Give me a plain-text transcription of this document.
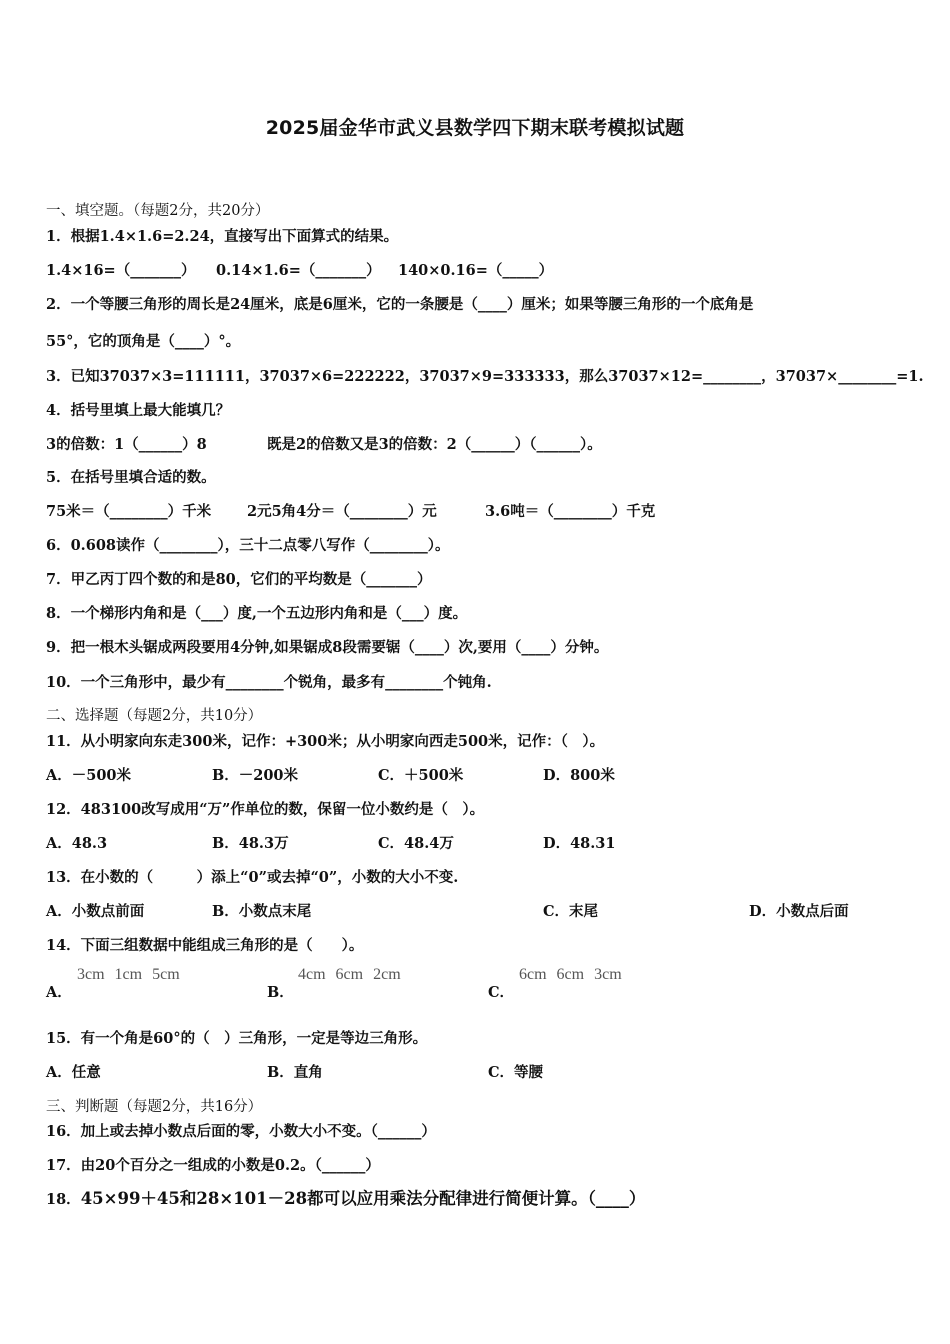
2025届金华市武义县数学四下期末联考模拟试题
一、填空题。（每题2分，共20分）
1．根据1.4×1.6=2.24，直接写出下面算式的结果。
1.4×16=（_______） 0.14×1.6=（_______） 140×0.16=（_____）
2．一个等腰三角形的周长是24厘米，底是6厘米，它的一条腰是（____）厘米；如果等腰三角形的一个底角是
55°，它的顶角是（____）°。
3．已知37037×3=111111，37037×6=222222，37037×9=333333，那么37037×12=________，37037×________=1.
4．括号里填上最大能填几？
3的倍数：1（______）8	既是2的倍数又是3的倍数：2（______）（______）。
5．在括号里填合适的数。
75米＝（________）千米 2元5角4分＝（________）元	3.6吨＝（________）千克
6．0.608读作（________），三十二点零八写作（________）。
7．甲乙丙丁四个数的和是80，它们的平均数是（_______）
8．一个梯形内角和是（___）度,一个五边形内角和是（___）度。
9．把一根木头锯成两段要用4分钟,如果锯成8段需要锯（____）次,要用（____）分钟。
10．一个三角形中，最少有________个锐角，最多有________个钝角.
二、选择题（每题2分，共10分）
11．从小明家向东走300米，记作：+300米；从小明家向西走500米，记作：（　）。
A．－500米	B．－200米	C．＋500米	D．800米
12．483100改写成用“万”作单位的数，保留一位小数约是（　）。
A．48.3	B．48.3万	C．48.4万	D．48.31
13．在小数的（　　　）添上“0”或去掉“0”，小数的大小不变.
A．小数点前面	B．小数点末尾	C．末尾	D．小数点后面
14．下面三组数据中能组成三角形的是（　　）。
A．
3cm 1cm 5cm
B．
4cm 6cm 2cm
C．
6cm 6cm 3cm
15．有一个角是60°的（　）三角形，一定是等边三角形。
A．任意	B．直角	C．等腰
三、判断题（每题2分，共16分）
16．加上或去掉小数点后面的零，小数大小不变。（______）
17．由20个百分之一组成的小数是0.2。（______）
18．45×99＋45和28×101－28都可以应用乘法分配律进行简便计算。（____）
